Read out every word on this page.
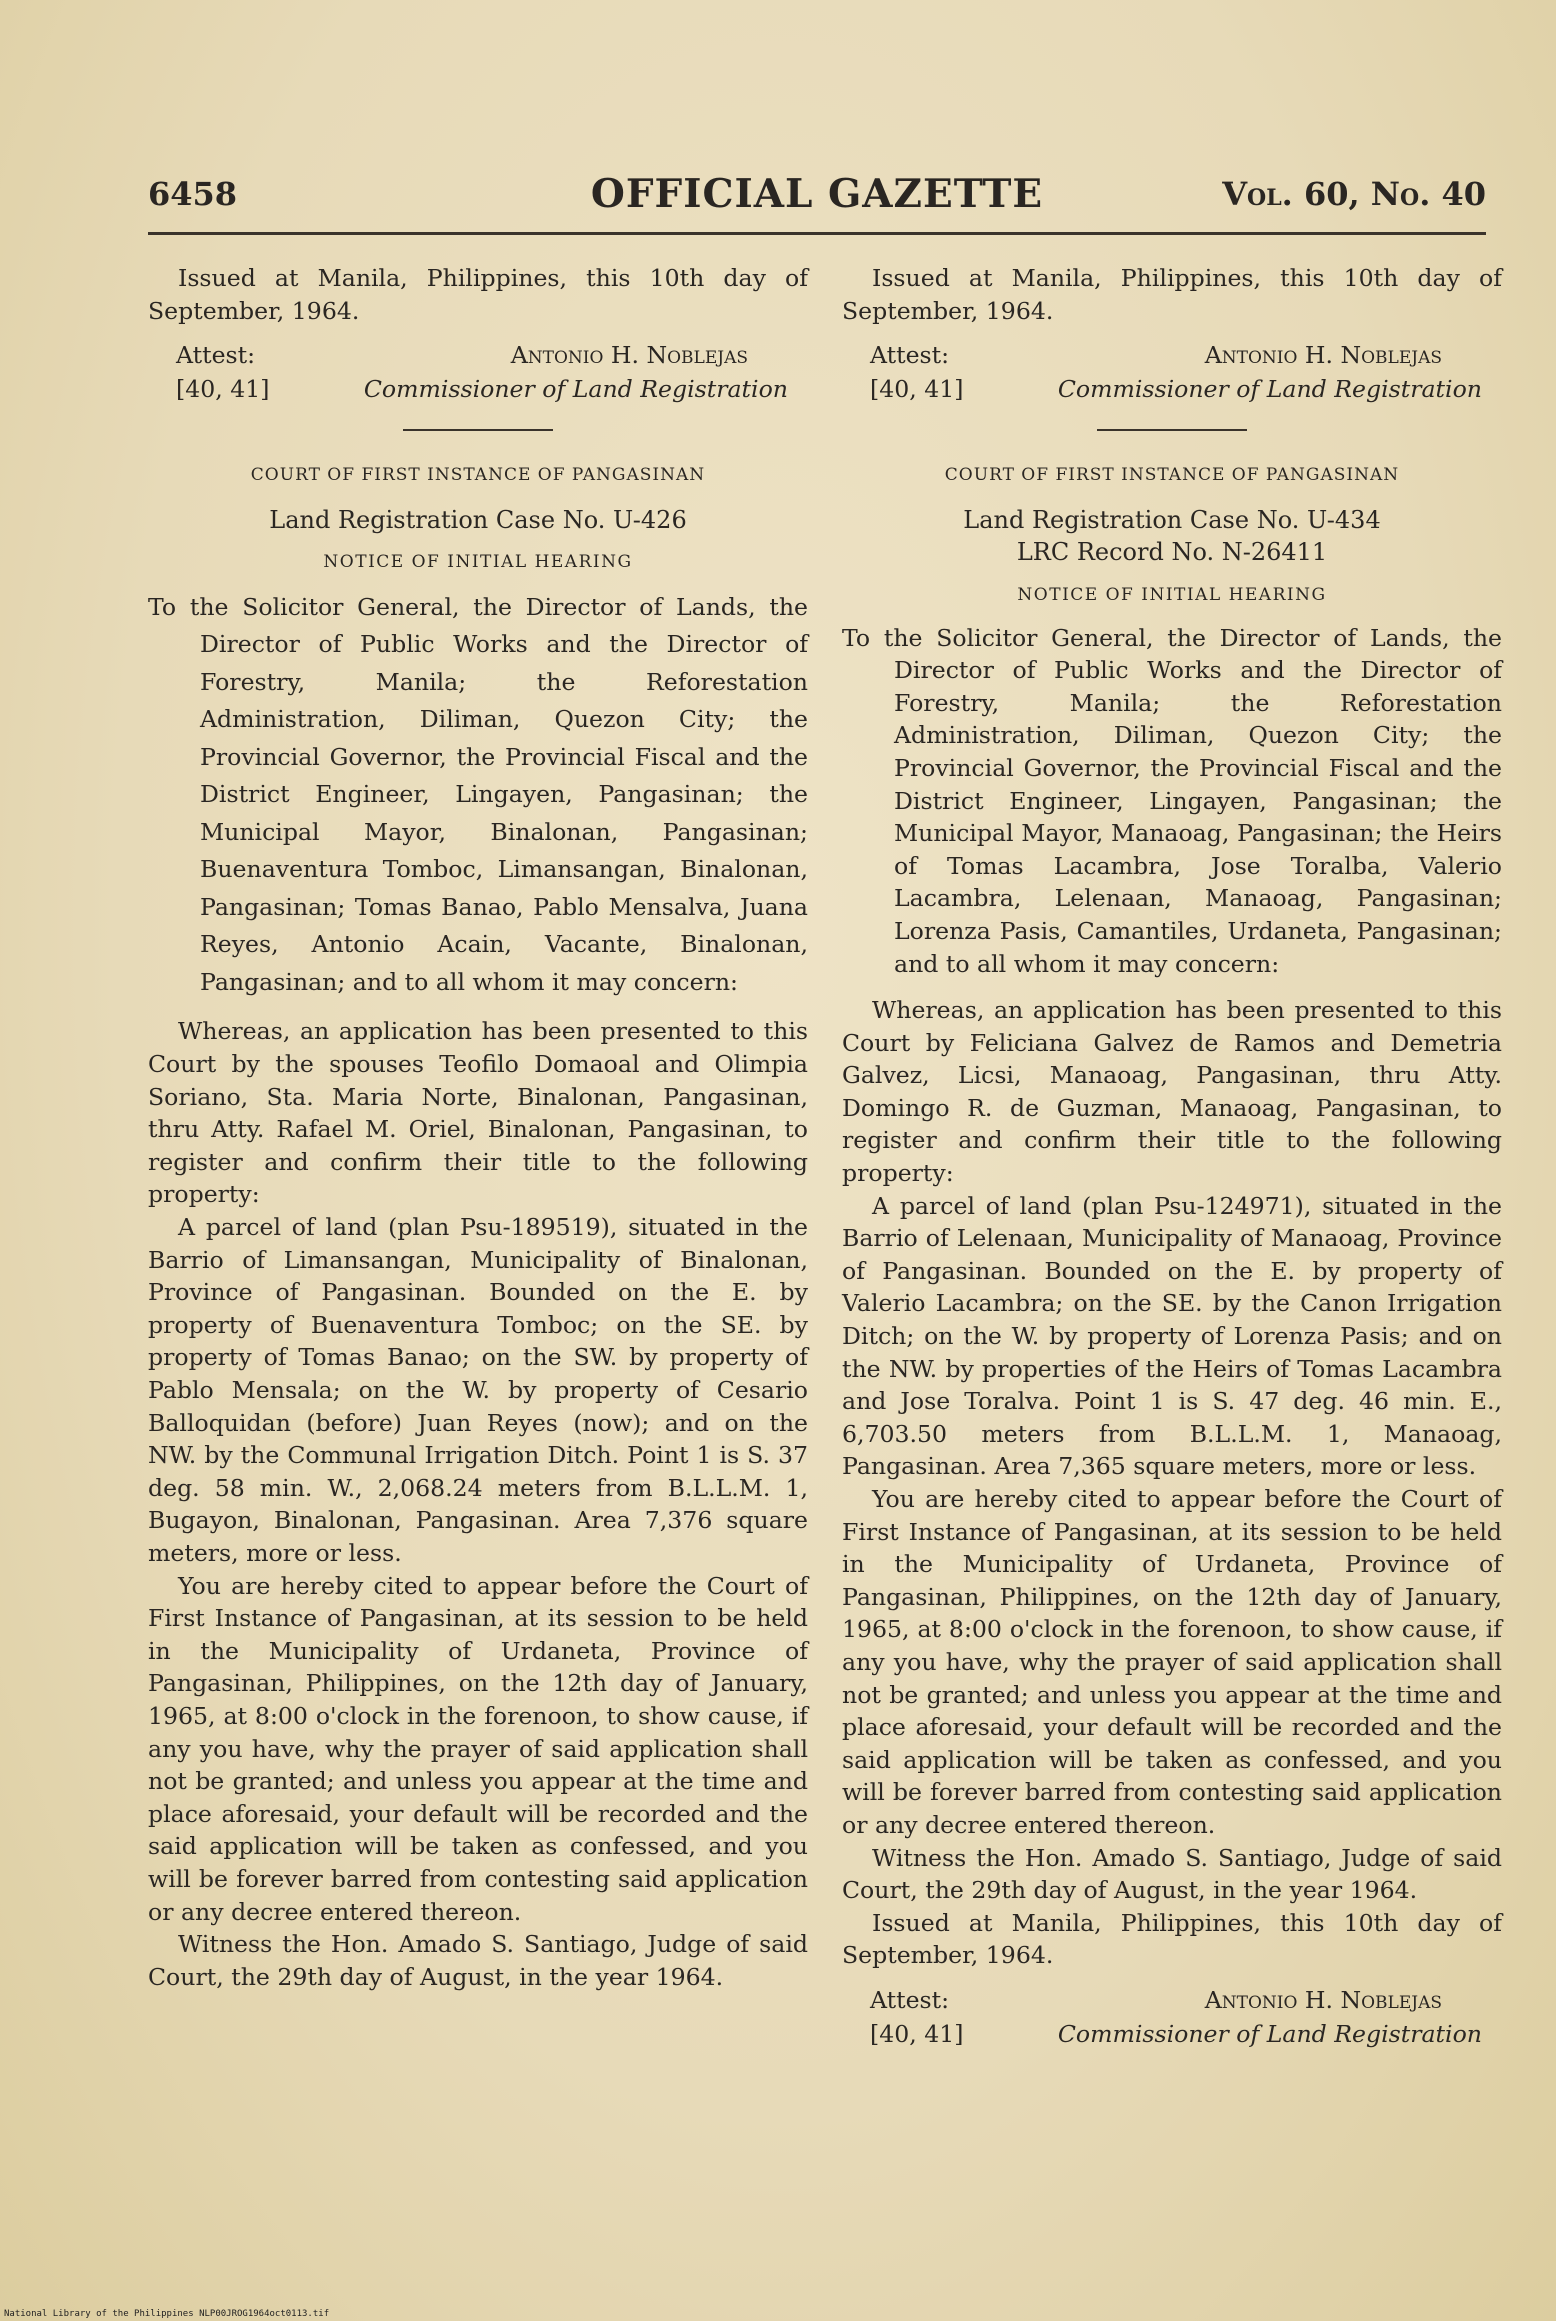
6458	OFFICIAL GAZETTE	Vol. 60, No. 40

Issued at Manila, Philippines, this 10th day of September, 1964.

Attest:
[40, 41]
Antonio H. Noblejas
Commissioner of Land Registration

COURT OF FIRST INSTANCE OF PANGASINAN

Land Registration Case No. U-426

NOTICE OF INITIAL HEARING

To the Solicitor General, the Director of Lands, the Director of Public Works and the Director of Forestry, Manila; the Reforestation Administration, Diliman, Quezon City; the Provincial Governor, the Provincial Fiscal and the District Engineer, Lingayen, Pangasinan; the Municipal Mayor, Binalonan, Pangasinan; Buenaventura Tomboc, Limansangan, Binalonan, Pangasinan; Tomas Banao, Pablo Mensalva, Juana Reyes, Antonio Acain, Vacante, Binalonan, Pangasinan; and to all whom it may concern:

Whereas, an application has been presented to this Court by the spouses Teofilo Domaoal and Olimpia Soriano, Sta. Maria Norte, Binalonan, Pangasinan, thru Atty. Rafael M. Oriel, Binalonan, Pangasinan, to register and confirm their title to the following property:

A parcel of land (plan Psu-189519), situated in the Barrio of Limansangan, Municipality of Binalonan, Province of Pangasinan. Bounded on the E. by property of Buenaventura Tomboc; on the SE. by property of Tomas Banao; on the SW. by property of Pablo Mensala; on the W. by property of Cesario Balloquidan (before) Juan Reyes (now); and on the NW. by the Communal Irrigation Ditch. Point 1 is S. 37 deg. 58 min. W., 2,068.24 meters from B.L.L.M. 1, Bugayon, Binalonan, Pangasinan. Area 7,376 square meters, more or less.

You are hereby cited to appear before the Court of First Instance of Pangasinan, at its session to be held in the Municipality of Urdaneta, Province of Pangasinan, Philippines, on the 12th day of January, 1965, at 8:00 o'clock in the forenoon, to show cause, if any you have, why the prayer of said application shall not be granted; and unless you appear at the time and place aforesaid, your default will be recorded and the said application will be taken as confessed, and you will be forever barred from contesting said application or any decree entered thereon.

Witness the Hon. Amado S. Santiago, Judge of said Court, the 29th day of August, in the year 1964.

Issued at Manila, Philippines, this 10th day of September, 1964.

Attest:
[40, 41]
Antonio H. Noblejas
Commissioner of Land Registration

COURT OF FIRST INSTANCE OF PANGASINAN

Land Registration Case No. U-434

LRC Record No. N-26411

NOTICE OF INITIAL HEARING

To the Solicitor General, the Director of Lands, the Director of Public Works and the Director of Forestry, Manila; the Reforestation Administration, Diliman, Quezon City; the Provincial Governor, the Provincial Fiscal and the District Engineer, Lingayen, Pangasinan; the Municipal Mayor, Manaoag, Pangasinan; the Heirs of Tomas Lacambra, Jose Toralba, Valerio Lacambra, Lelenaan, Manaoag, Pangasinan; Lorenza Pasis, Camantiles, Urdaneta, Pangasinan; and to all whom it may concern:

Whereas, an application has been presented to this Court by Feliciana Galvez de Ramos and Demetria Galvez, Licsi, Manaoag, Pangasinan, thru Atty. Domingo R. de Guzman, Manaoag, Pangasinan, to register and confirm their title to the following property:

A parcel of land (plan Psu-124971), situated in the Barrio of Lelenaan, Municipality of Manaoag, Province of Pangasinan. Bounded on the E. by property of Valerio Lacambra; on the SE. by the Canon Irrigation Ditch; on the W. by property of Lorenza Pasis; and on the NW. by properties of the Heirs of Tomas Lacambra and Jose Toralva. Point 1 is S. 47 deg. 46 min. E., 6,703.50 meters from B.L.L.M. 1, Manaoag, Pangasinan. Area 7,365 square meters, more or less.

You are hereby cited to appear before the Court of First Instance of Pangasinan, at its session to be held in the Municipality of Urdaneta, Province of Pangasinan, Philippines, on the 12th day of January, 1965, at 8:00 o'clock in the forenoon, to show cause, if any you have, why the prayer of said application shall not be granted; and unless you appear at the time and place aforesaid, your default will be recorded and the said application will be taken as confessed, and you will be forever barred from contesting said application or any decree entered thereon.

Witness the Hon. Amado S. Santiago, Judge of said Court, the 29th day of August, in the year 1964.

Issued at Manila, Philippines, this 10th day of September, 1964.

Attest:
[40, 41]
Antonio H. Noblejas
Commissioner of Land Registration
National Library of the Philippines NLP00JROG1964oct0113.tif
